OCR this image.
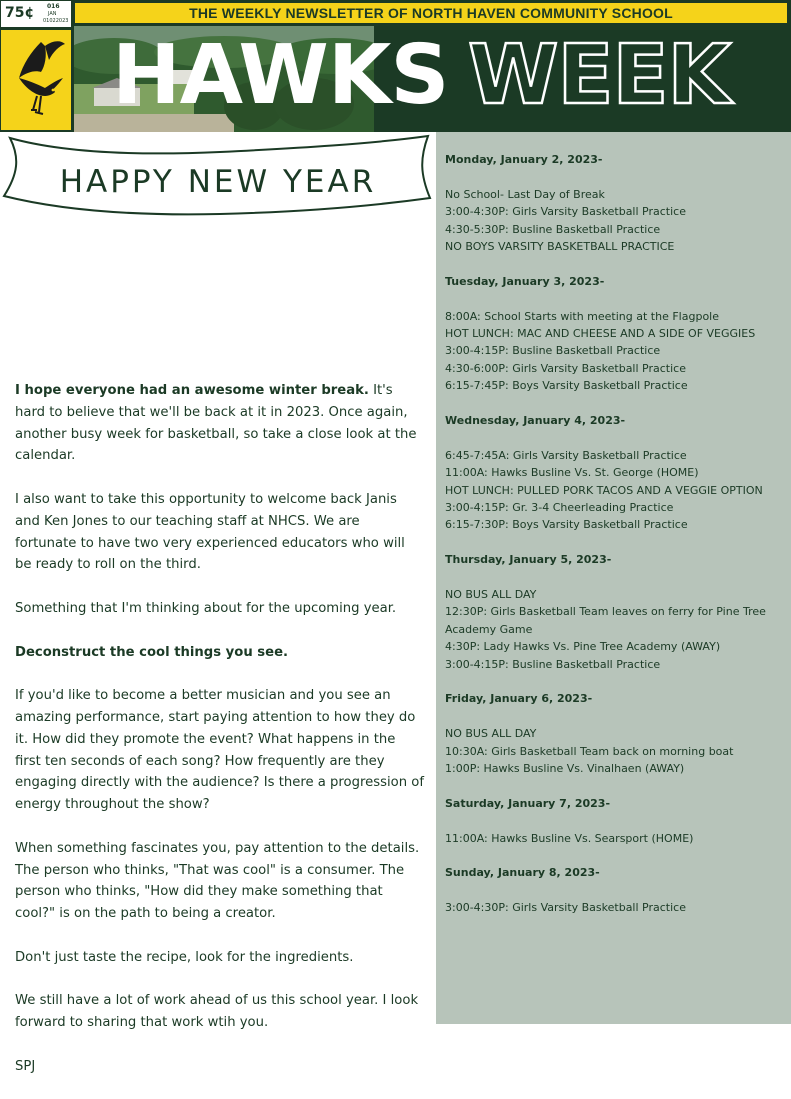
75¢ 016
JAN
01022023	THE WEEKLY NEWSLETTER OF NORTH HAVEN COMMUNITY SCHOOL
HAWKS WEEK
HAPPY NEW YEAR

I hope everyone had an awesome winter break. It's hard to believe that we'll be back at it in 2023. Once again, another busy week for basketball, so take a close look at the calendar.

I also want to take this opportunity to welcome back Janis and Ken Jones to our teaching staff at NHCS. We are fortunate to have two very experienced educators who will be ready to roll on the third.

Something that I'm thinking about for the upcoming year.

Deconstruct the cool things you see.

If you'd like to become a better musician and you see an amazing performance, start paying attention to how they do it. How did they promote the event? What happens in the first ten seconds of each song? How frequently are they engaging directly with the audience? Is there a progression of energy throughout the show?

When something fascinates you, pay attention to the details. The person who thinks, "That was cool" is a consumer. The person who thinks, "How did they make something that cool?" is on the path to being a creator.

Don't just taste the recipe, look for the ingredients.

We still have a lot of work ahead of us this school year. I look forward to sharing that work wtih you.

SPJ

Monday, January 2, 2023-
No School- Last Day of Break
3:00-4:30P: Girls Varsity Basketball Practice
4:30-5:30P: Busline Basketball Practice
NO BOYS VARSITY BASKETBALL PRACTICE
Tuesday, January 3, 2023-
8:00A: School Starts with meeting at the Flagpole
HOT LUNCH: MAC AND CHEESE AND A SIDE OF VEGGIES
3:00-4:15P: Busline Basketball Practice
4:30-6:00P: Girls Varsity Basketball Practice
6:15-7:45P: Boys Varsity Basketball Practice
Wednesday, January 4, 2023-
6:45-7:45A: Girls Varsity Basketball Practice
11:00A: Hawks Busline Vs. St. George (HOME)
HOT LUNCH: PULLED PORK TACOS AND A VEGGIE OPTION
3:00-4:15P: Gr. 3-4 Cheerleading Practice
6:15-7:30P: Boys Varsity Basketball Practice
Thursday, January 5, 2023-
NO BUS ALL DAY
12:30P: Girls Basketball Team leaves on ferry for Pine Tree Academy Game
4:30P: Lady Hawks Vs. Pine Tree Academy (AWAY)
3:00-4:15P: Busline Basketball Practice
Friday, January 6, 2023-
NO BUS ALL DAY
10:30A: Girls Basketball Team back on morning boat
1:00P: Hawks Busline Vs. Vinalhaen (AWAY)
Saturday, January 7, 2023-
11:00A: Hawks Busline Vs. Searsport (HOME)
Sunday, January 8, 2023-
3:00-4:30P: Girls Varsity Basketball Practice
